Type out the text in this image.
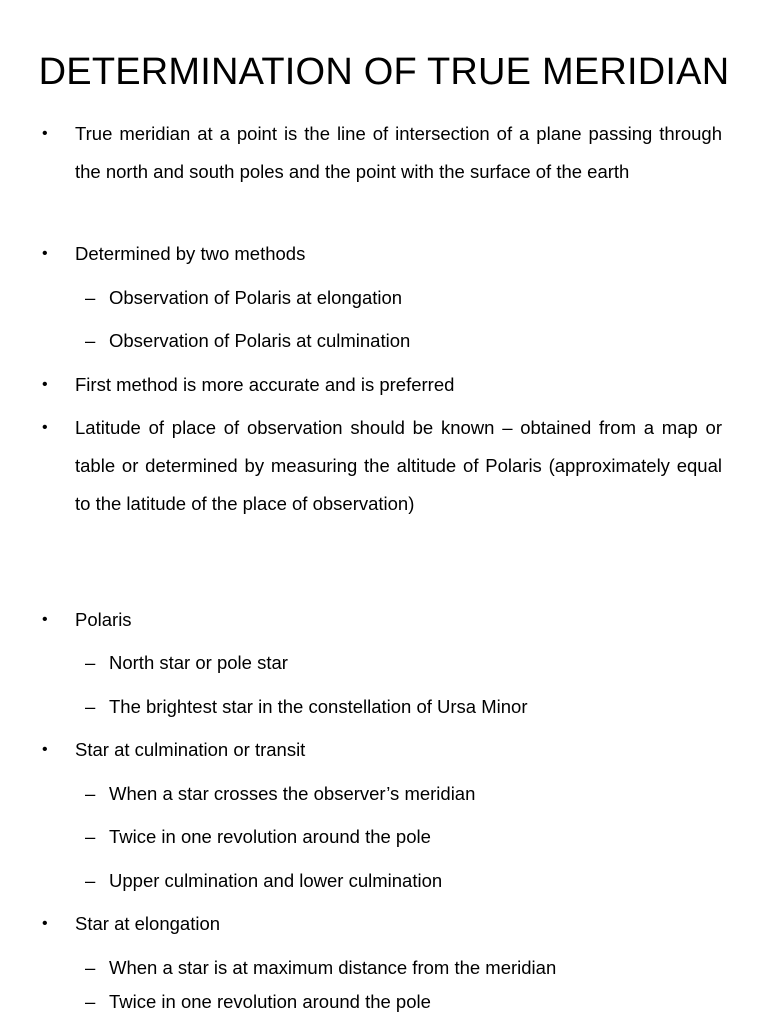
DETERMINATION OF TRUE MERIDIAN
• True meridian at a point is the line of intersection of a plane passing through the north and south poles and the point with the surface of the earth
• Determined by two methods
– Observation of Polaris at elongation
– Observation of Polaris at culmination
• First method is more accurate and is preferred
• Latitude of place of observation should be known – obtained from a map or table or determined by measuring the altitude of Polaris (approximately equal to the latitude of the place of observation)
• Polaris
– North star or pole star
– The brightest star in the constellation of Ursa Minor
• Star at culmination or transit
– When a star crosses the observer’s meridian
– Twice in one revolution around the pole
– Upper culmination and lower culmination
• Star at elongation
– When a star is at maximum distance from the meridian
– Twice in one revolution around the pole
